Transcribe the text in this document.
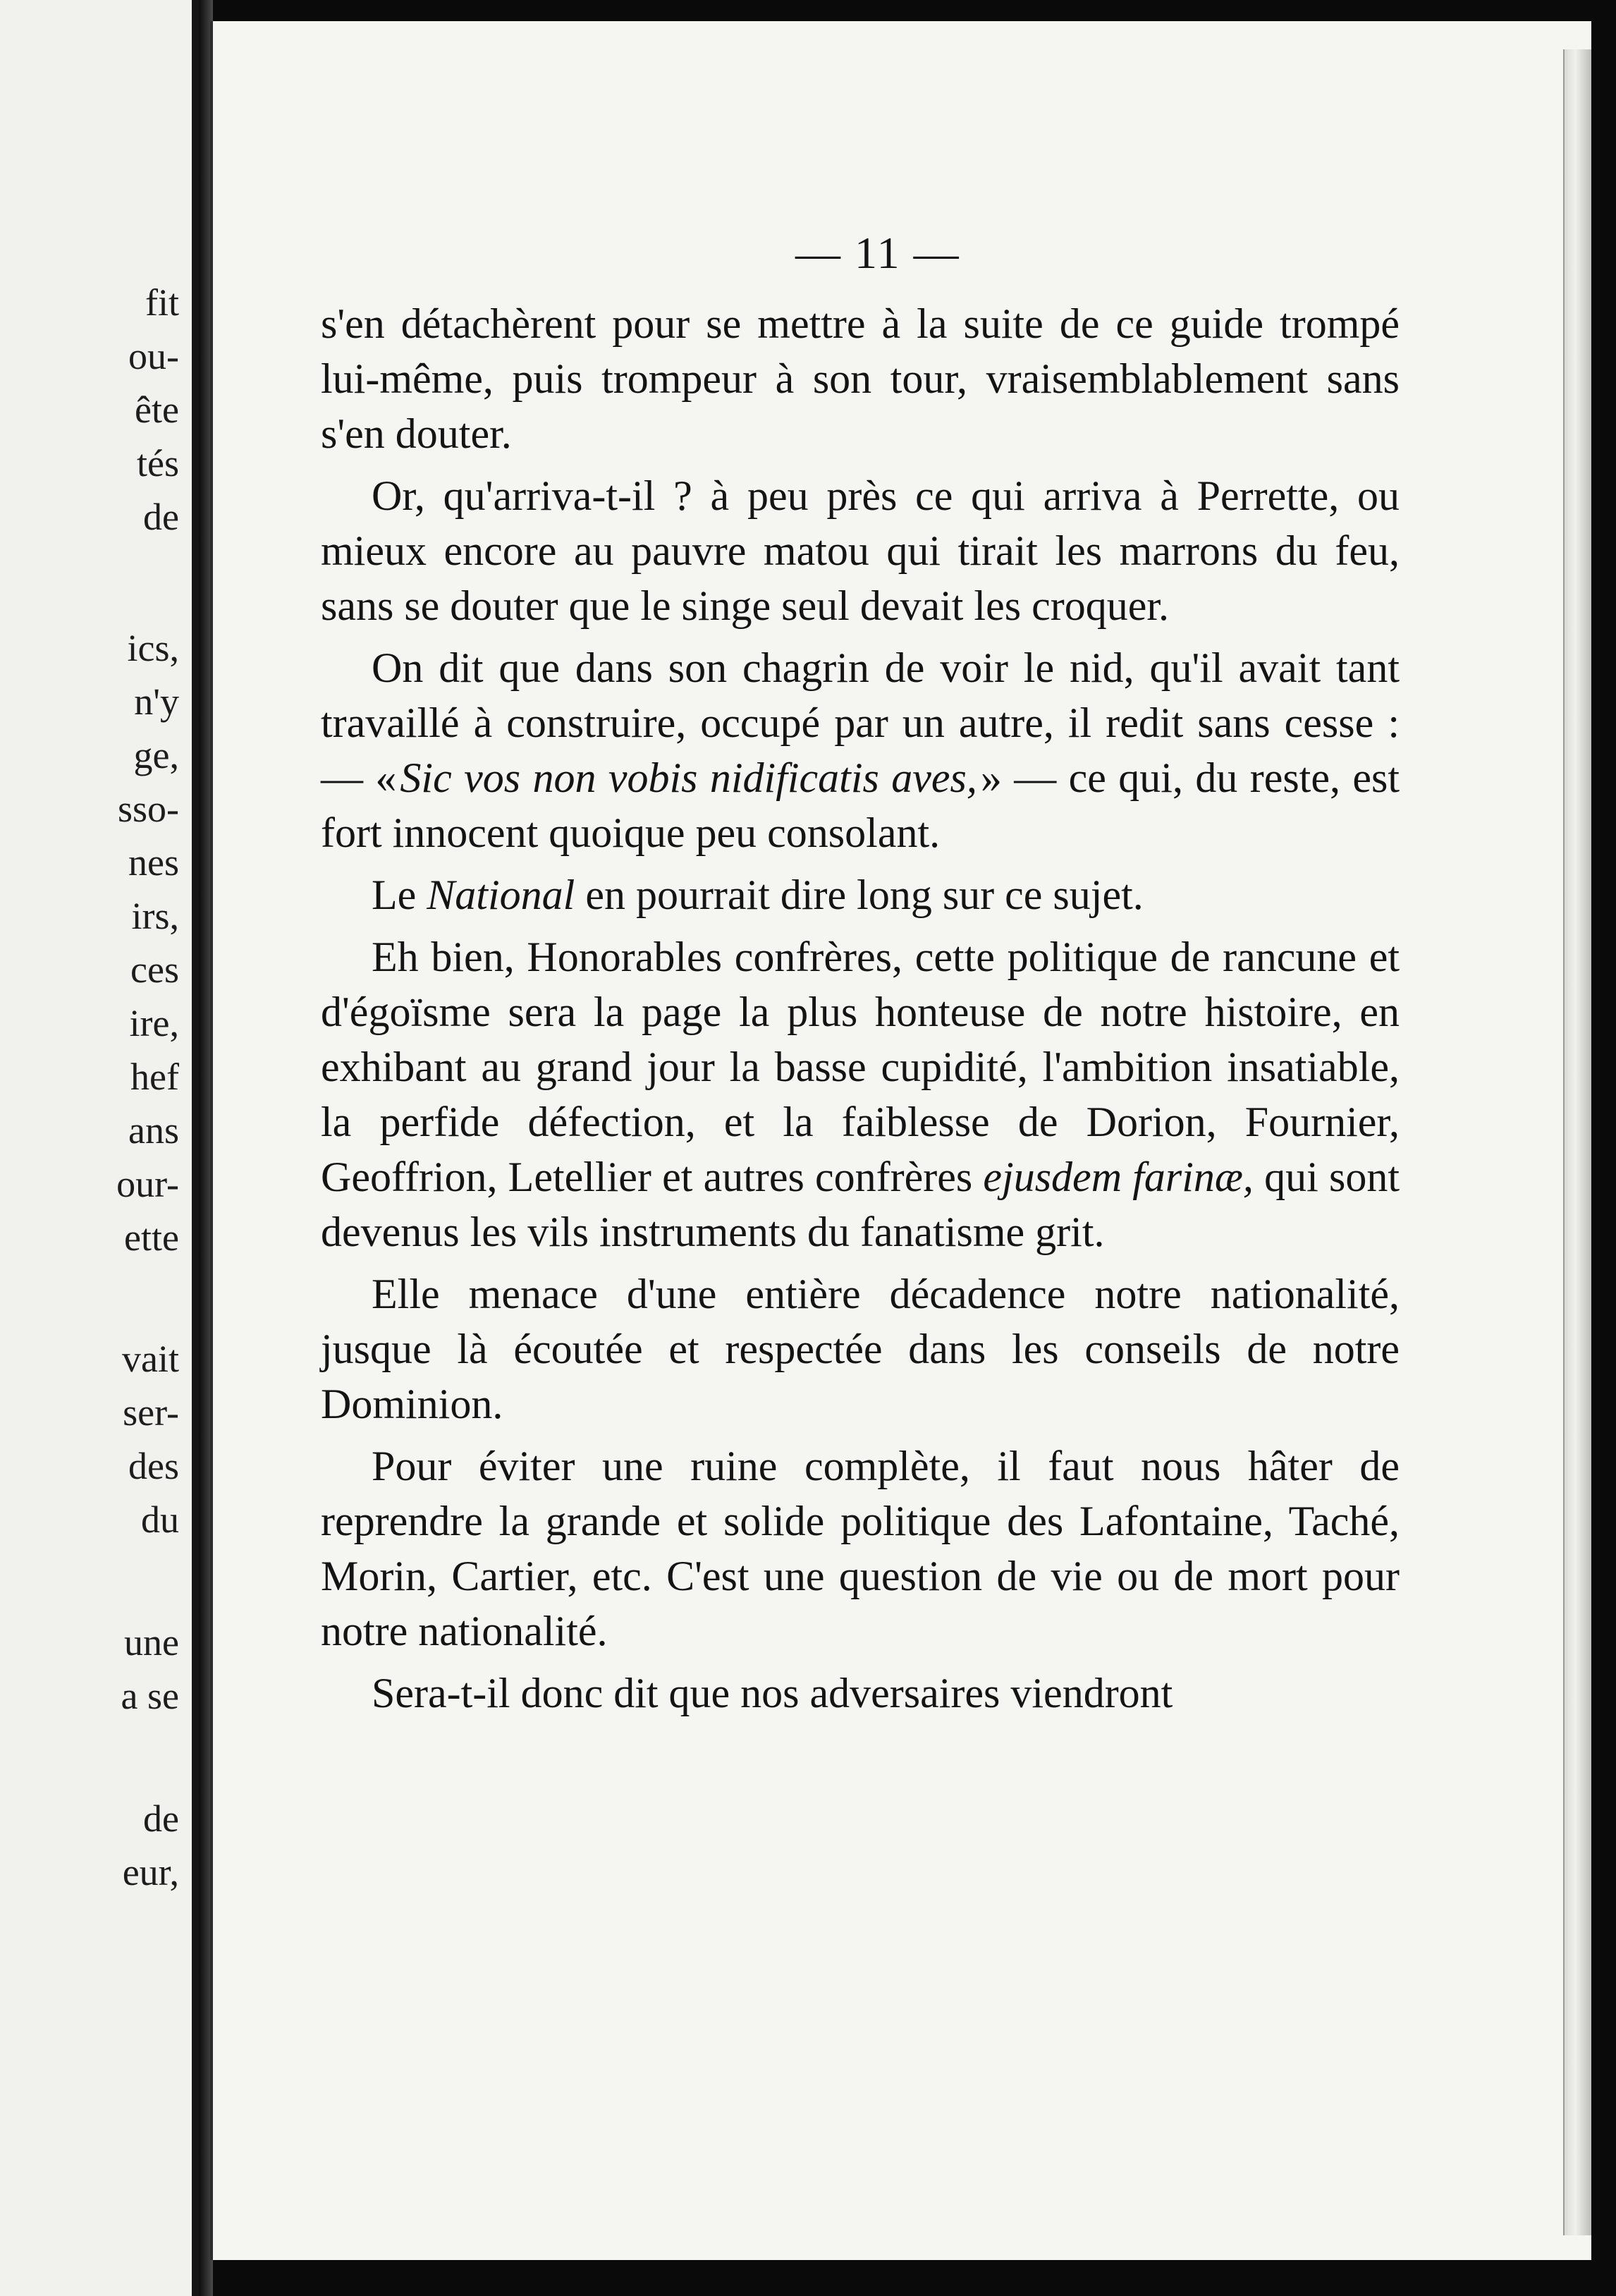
fit
ou-
ête
tés
de
ics,
n'y
ge,
sso-
nes
irs,
ces
ire,
hef
ans
our-
ette
vait
ser-
des
du
une
a se
de
eur,
— 11 —

s'en détachèrent pour se mettre à la suite de ce guide trompé lui-même, puis trompeur à son tour, vraisemblablement sans s'en douter.

Or, qu'arriva-t-il ? à peu près ce qui arriva à Perrette, ou mieux encore au pauvre matou qui tirait les marrons du feu, sans se douter que le singe seul devait les croquer.

On dit que dans son chagrin de voir le nid, qu'il avait tant travaillé à construire, occupé par un autre, il redit sans cesse : — « Sic vos non vobis nidificatis aves, » — ce qui, du reste, est fort innocent quoique peu consolant.

Le National en pourrait dire long sur ce sujet.

Eh bien, Honorables confrères, cette politique de rancune et d'égoïsme sera la page la plus honteuse de notre histoire, en exhibant au grand jour la basse cupidité, l'ambition insatiable, la perfide défection, et la faiblesse de Dorion, Fournier, Geoffrion, Letellier et autres confrères ejusdem farinæ, qui sont devenus les vils instruments du fanatisme grit.

Elle menace d'une entière décadence notre nationalité, jusque là écoutée et respectée dans les conseils de notre Dominion.

Pour éviter une ruine complète, il faut nous hâter de reprendre la grande et solide politique des Lafontaine, Taché, Morin, Cartier, etc. C'est une question de vie ou de mort pour notre nationalité.

Sera-t-il donc dit que nos adversaires viendront
